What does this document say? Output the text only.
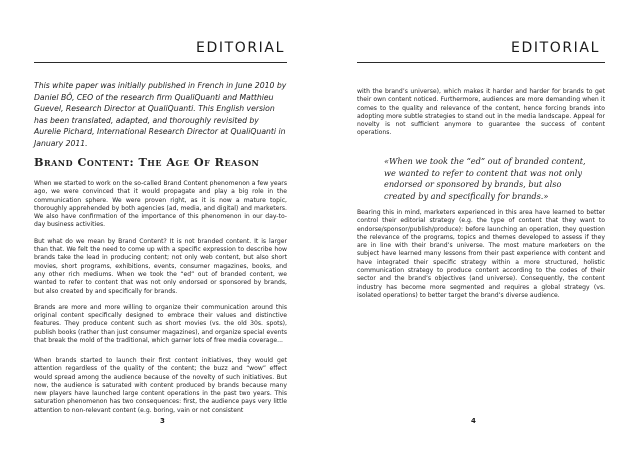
EDITORIAL
This white paper was initially published in French in June 2010 by Daniel BÔ, CEO of the research firm QualiQuanti and Matthieu Guevel, Research Director at QualiQuanti. This English version has been translated, adapted, and thoroughly revisited by Aurelie Pichard, International Research Director at QualiQuanti in January 2011.
Brand Content: The Age Of Reason

When we started to work on the so-called Brand Content phenomenon a few years ago, we were convinced that it would propagate and play a big role in the communication sphere. We were proven right, as it is now a mature topic, thoroughly apprehended by both agencies (ad, media, and digital) and marketers. We also have confirmation of the importance of this phenomenon in our day-to-day business activities.

But what do we mean by Brand Content? It is not branded content. It is larger than that. We felt the need to come up with a specific expression to describe how brands take the lead in producing content; not only web content, but also short movies, short programs, exhibitions, events, consumer magazines, books, and any other rich mediums. When we took the “ed” out of branded content, we wanted to refer to content that was not only endorsed or sponsored by brands, but also created by and specifically for brands.

Brands are more and more willing to organize their communication around this original content specifically designed to embrace their values and distinctive features. They produce content such as short movies (vs. the old 30s. spots), publish books (rather than just consumer magazines), and organize special events that break the mold of the traditional, which garner lots of free media coverage...

When brands started to launch their first content initiatives, they would get attention regardless of the quality of the content; the buzz and “wow” effect would spread among the audience because of the novelty of such initiatives. But now, the audience is saturated with content produced by brands because many new players have launched large content operations in the past two years. This saturation phenomenon has two consequences: first, the audience pays very little attention to non-relevant content (e.g. boring, vain or not consistent

3
EDITORIAL

with the brand’s universe), which makes it harder and harder for brands to get their own content noticed. Furthermore, audiences are more demanding when it comes to the quality and relevance of the content, hence forcing brands into adopting more subtle strategies to stand out in the media landscape. Appeal for novelty is not sufficient anymore to guarantee the success of content operations.

«When we took the “ed” out of branded content, we wanted to refer to content that was not only endorsed or sponsored by brands, but also created by and specifically for brands.»

Bearing this in mind, marketers experienced in this area have learned to better control their editorial strategy (e.g. the type of content that they want to endorse/sponsor/publish/produce): before launching an operation, they question the relevance of the programs, topics and themes developed to assess if they are in line with their brand’s universe. The most mature marketers on the subject have learned many lessons from their past experience with content and have integrated their specific strategy within a more structured, holistic communication strategy to produce content according to the codes of their sector and the brand’s objectives (and universe). Consequently, the content industry has become more segmented and requires a global strategy (vs. isolated operations) to better target the brand’s diverse audience.

4
